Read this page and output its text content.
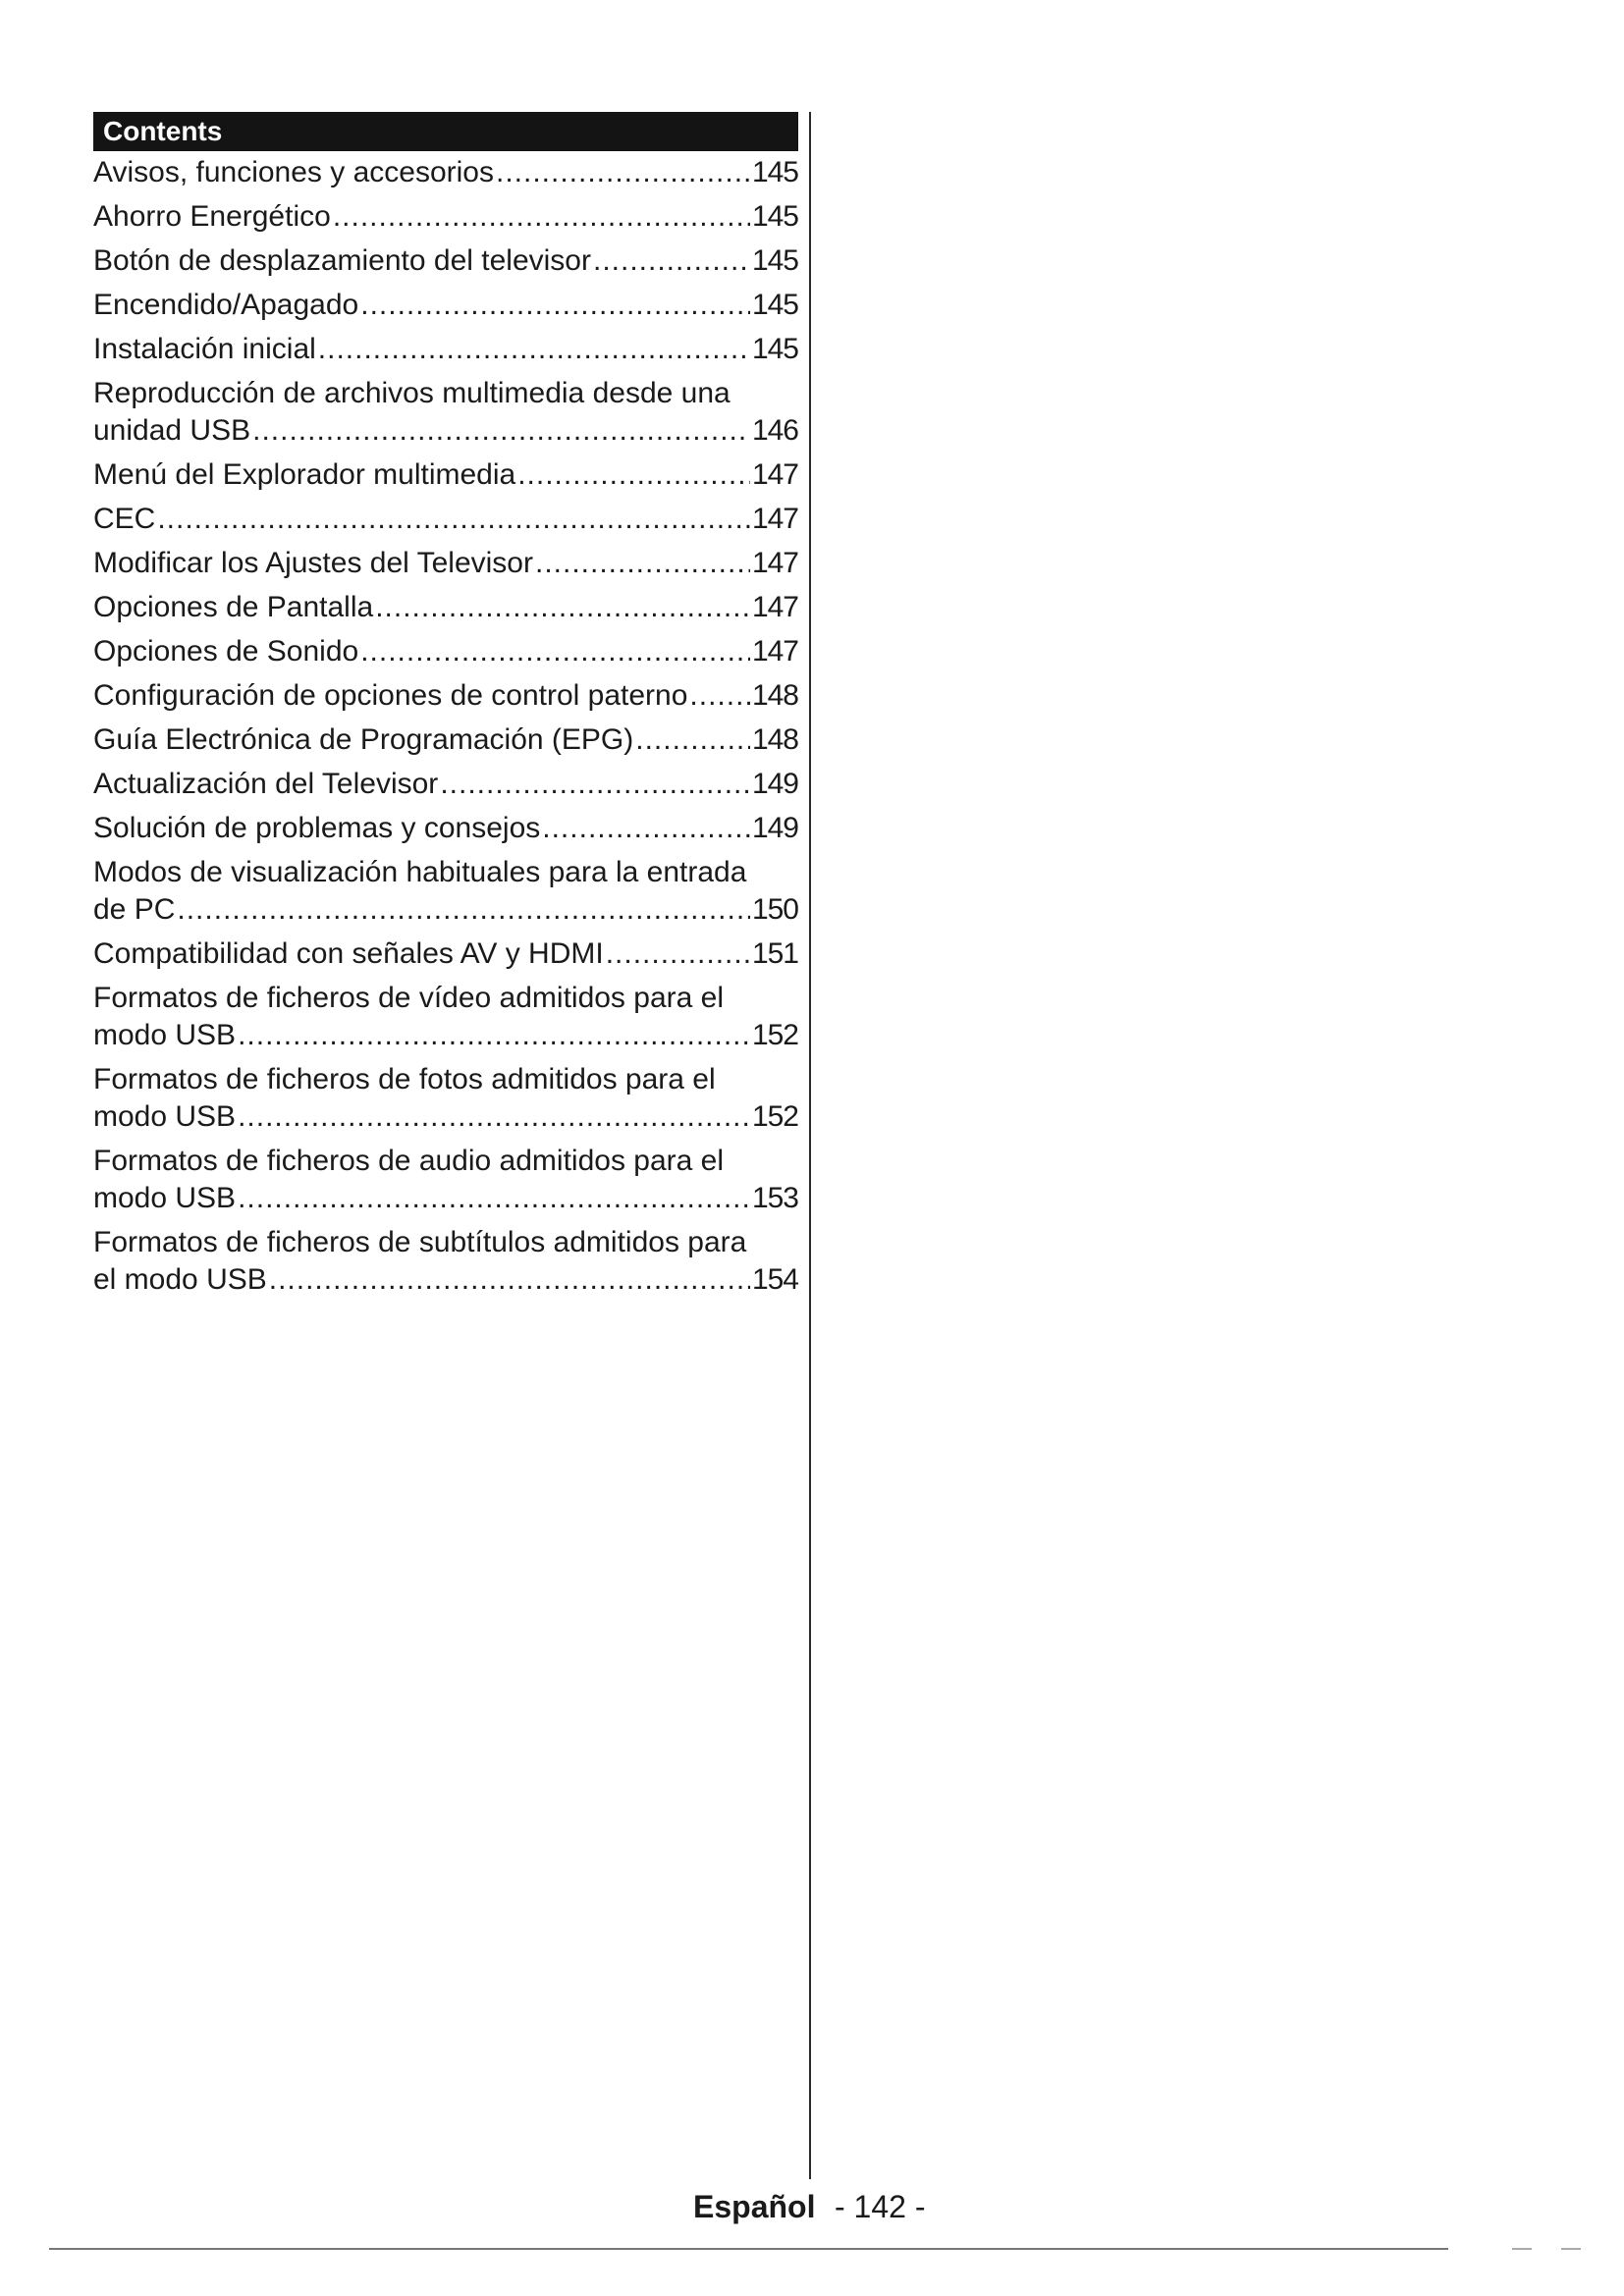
Contents
Avisos, funciones y accesorios .....	145
Ahorro Energético .....	145
Botón de desplazamiento del televisor .....	145
Encendido/Apagado .....	145
Instalación inicial .....	145
Reproducción de archivos multimedia desde una
unidad USB .....	146
Menú del Explorador multimedia .....	147
CEC .....	147
Modificar los Ajustes del Televisor .....	147
Opciones de Pantalla .....	147
Opciones de Sonido .....	147
Configuración de opciones de control paterno ..... 148
Guía Electrónica de Programación (EPG) .....	148
Actualización del Televisor .....	149
Solución de problemas y consejos .....	149
Modos de visualización habituales para la entrada
de PC .....	150
Compatibilidad con señales AV y HDMI .....	151
Formatos de ficheros de vídeo admitidos para el
modo USB .....	152
Formatos de ficheros de fotos admitidos para el
modo USB .....	152
Formatos de ficheros de audio admitidos para el
modo USB .....	153
Formatos de ficheros de subtítulos admitidos para
el modo USB .....	154
Español - 142 -
